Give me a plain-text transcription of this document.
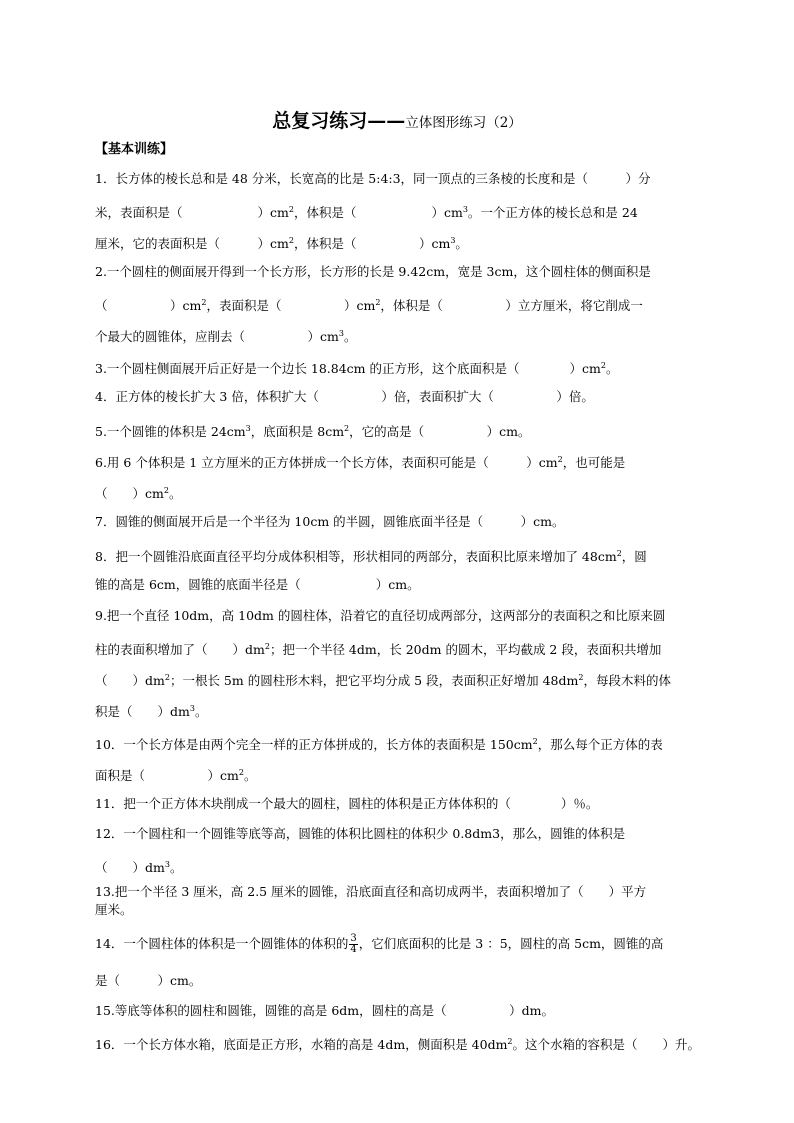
总复习练习——立体图形练习（2）
【基本训练】
1．长方体的棱长总和是 48 分米，长宽高的比是 5:4:3，同一顶点的三条棱的长度和是（　　　）分
米，表面积是（　　　　　　）$cm^2$，体积是（　　　　　　）$cm^3$。一个正方体的棱长总和是 24
厘米，它的表面积是（　　　）$cm^2$，体积是（　　　　　）$cm^3$。
2.一个圆柱的侧面展开得到一个长方形，长方形的长是 9.42cm，宽是 3cm，这个圆柱体的侧面积是
（　　　　　）$cm^2$，表面积是（　　　　　）$cm^2$，体积是（　　　　　）立方厘米，将它削成一
个最大的圆锥体，应削去（　　　　　）$cm^3$。
3.一个圆柱侧面展开后正好是一个边长 18.84cm 的正方形，这个底面积是（　　　　）$cm^2$。
4．正方体的棱长扩大 3 倍，体积扩大（　　　　　）倍，表面积扩大（　　　　　）倍。
5.一个圆锥的体积是 $24cm^3$，底面积是 $8cm^2$，它的高是（　　　　　）cm。
6.用 6 个体积是 1 立方厘米的正方体拼成一个长方体，表面积可能是（　　　）$cm^2$，也可能是
（　　）$cm^2$。
7．圆锥的侧面展开后是一个半径为 10cm 的半圆，圆锥底面半径是（　　　）cm。
8．把一个圆锥沿底面直径平均分成体积相等，形状相同的两部分，表面积比原来增加了 $48cm^2$，圆
锥的高是 6cm，圆锥的底面半径是（　　　　　　）cm。
9.把一个直径 10dm，高 10dm 的圆柱体，沿着它的直径切成两部分，这两部分的表面积之和比原来圆
柱的表面积增加了（　　）$dm^2$；把一个半径 4dm，长 20dm 的圆木，平均截成 2 段，表面积共增加
（　　）$dm^2$；一根长 5m 的圆柱形木料，把它平均分成 5 段，表面积正好增加 $48dm^2$，每段木料的体
积是（　　）$dm^3$。
10．一个长方体是由两个完全一样的正方体拼成的，长方体的表面积是 $150cm^2$，那么每个正方体的表
面积是（　　　　　）$cm^2$。
11．把一个正方体木块削成一个最大的圆柱，圆柱的体积是正方体体积的（　　　　）％。
12．一个圆柱和一个圆锥等底等高，圆锥的体积比圆柱的体积少 0.8dm3，那么，圆锥的体积是
（　　）$dm^3$。
13.把一个半径 3 厘米，高 2.5 厘米的圆锥，沿底面直径和高切成两半，表面积增加了（　　）平方
厘米。
14．一个圆柱体的体积是一个圆锥体的体积的 $\frac{3}{4}$ ，它们底面积的比是 3 ：5，圆柱的高 5cm，圆锥的高
是（　　　）cm。
15.等底等体积的圆柱和圆锥，圆锥的高是 6dm，圆柱的高是（　　　　　）dm。
16．一个长方体水箱，底面是正方形，水箱的高是 4dm，侧面积是 $40dm^2$。这个水箱的容积是（　　）升。
